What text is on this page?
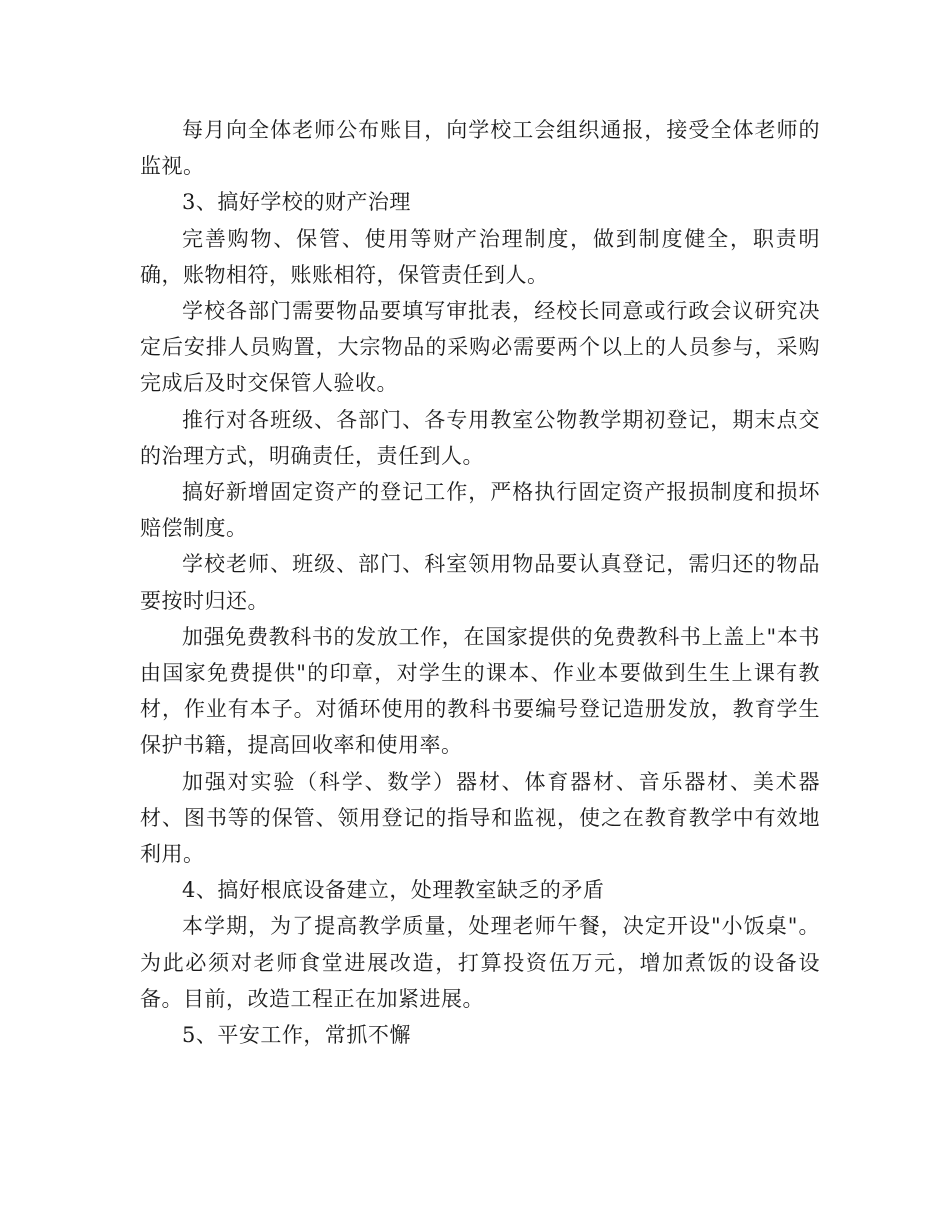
每月向全体老师公布账目，向学校工会组织通报，接受全体老师的监视。

3、搞好学校的财产治理

完善购物、保管、使用等财产治理制度，做到制度健全，职责明确，账物相符，账账相符，保管责任到人。

学校各部门需要物品要填写审批表，经校长同意或行政会议研究决定后安排人员购置，大宗物品的采购必需要两个以上的人员参与，采购完成后及时交保管人验收。

推行对各班级、各部门、各专用教室公物教学期初登记，期末点交的治理方式，明确责任，责任到人。

搞好新增固定资产的登记工作，严格执行固定资产报损制度和损坏赔偿制度。

学校老师、班级、部门、科室领用物品要认真登记，需归还的物品要按时归还。

加强免费教科书的发放工作，在国家提供的免费教科书上盖上"本书由国家免费提供"的印章，对学生的课本、作业本要做到生生上课有教材，作业有本子。对循环使用的教科书要编号登记造册发放，教育学生保护书籍，提高回收率和使用率。

加强对实验（科学、数学）器材、体育器材、音乐器材、美术器材、图书等的保管、领用登记的指导和监视，使之在教育教学中有效地利用。

4、搞好根底设备建立，处理教室缺乏的矛盾

本学期，为了提高教学质量，处理老师午餐，决定开设"小饭桌"。为此必须对老师食堂进展改造，打算投资伍万元，增加煮饭的设备设备。目前，改造工程正在加紧进展。

5、平安工作，常抓不懈
